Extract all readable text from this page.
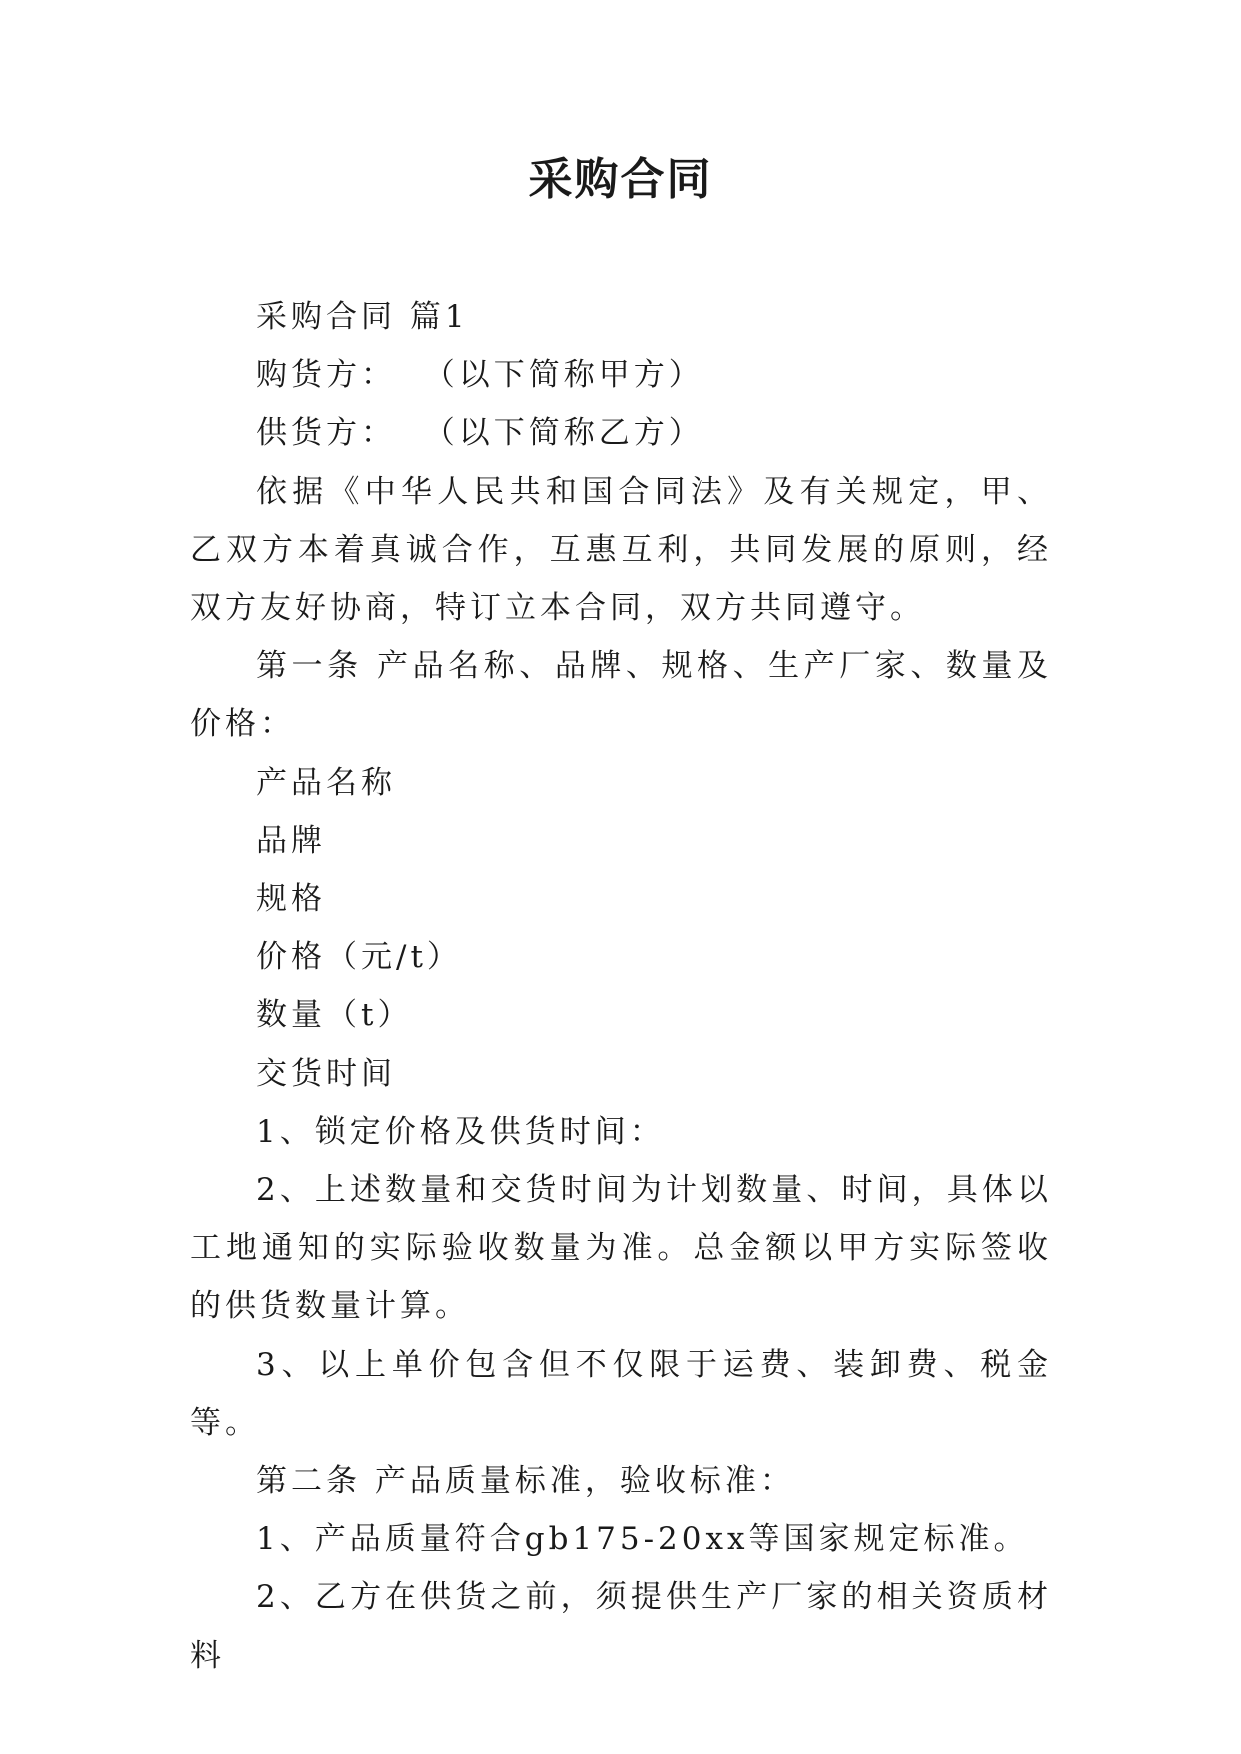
采购合同

采购合同 篇1

购货方：  （以下简称甲方）

供货方：  （以下简称乙方）

依据《中华人民共和国合同法》及有关规定，甲、乙双方本着真诚合作，互惠互利，共同发展的原则，经双方友好协商，特订立本合同，双方共同遵守。

第一条 产品名称、品牌、规格、生产厂家、数量及价格：

产品名称

品牌

规格

价格（元/t）

数量（t）

交货时间

1、锁定价格及供货时间：

2、上述数量和交货时间为计划数量、时间，具体以工地通知的实际验收数量为准。总金额以甲方实际签收的供货数量计算。

3、以上单价包含但不仅限于运费、装卸费、税金等。

第二条 产品质量标准，验收标准：

1、产品质量符合gb175-20xx等国家规定标准。

2、乙方在供货之前，须提供生产厂家的相关资质材料
